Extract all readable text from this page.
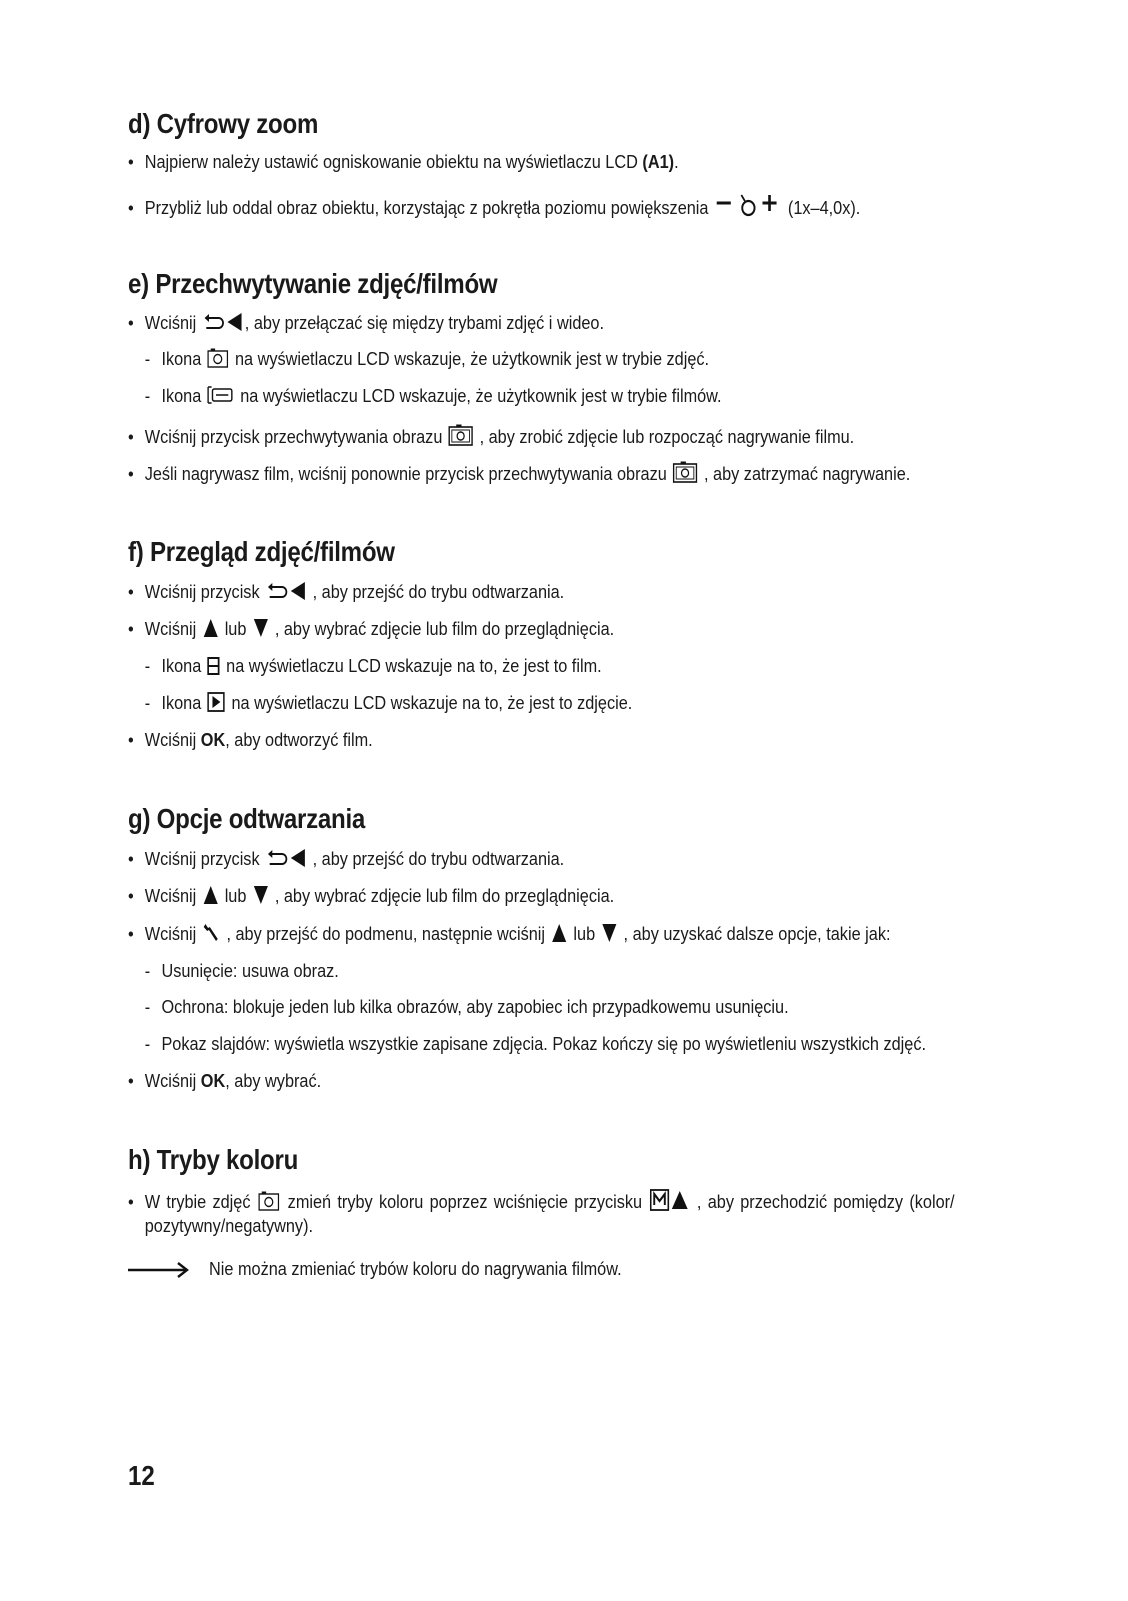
d) Cyfrowy zoom
• Najpierw należy ustawić ogniskowanie obiektu na wyświetlaczu LCD (A1).
• Przybliż lub oddal obraz obiektu, korzystając z pokrętła poziomu powiększenia	(1x–4,0x).
e) Przechwytywanie zdjęć/filmów
• Wciśnij
, aby przełączać się między trybami zdjęć i wideo.
- Ikona
na wyświetlaczu LCD wskazuje, że użytkownik jest w trybie zdjęć.
- Ikona
na wyświetlaczu LCD wskazuje, że użytkownik jest w trybie filmów.
• Wciśnij przycisk przechwytywania obrazu
, aby zrobić zdjęcie lub rozpocząć nagrywanie filmu.
• Jeśli nagrywasz film, wciśnij ponownie przycisk przechwytywania obrazu
, aby zatrzymać nagrywanie.
f) Przegląd zdjęć/filmów
• Wciśnij przycisk
, aby przejść do trybu odtwarzania.
• Wciśnij
lub
, aby wybrać zdjęcie lub film do przeglądnięcia.
- Ikona
na wyświetlaczu LCD wskazuje na to, że jest to film.
- Ikona
na wyświetlaczu LCD wskazuje na to, że jest to zdjęcie.
• Wciśnij OK, aby odtworzyć film.
g) Opcje odtwarzania
• Wciśnij przycisk
, aby przejść do trybu odtwarzania.
• Wciśnij
lub
, aby wybrać zdjęcie lub film do przeglądnięcia.
• Wciśnij
, aby przejść do podmenu, następnie wciśnij
lub
, aby uzyskać dalsze opcje, takie jak:
- Usunięcie: usuwa obraz.
- Ochrona: blokuje jeden lub kilka obrazów, aby zapobiec ich przypadkowemu usunięciu.
- Pokaz slajdów: wyświetla wszystkie zapisane zdjęcia. Pokaz kończy się po wyświetleniu wszystkich zdjęć.
• Wciśnij OK, aby wybrać.
h) Tryby koloru
• W trybie zdjęć
zmień tryby koloru poprzez wciśnięcie przycisku
, aby przechodzić pomiędzy (kolor/
pozytywny/negatywny).
Nie można zmieniać trybów koloru do nagrywania filmów.
12
